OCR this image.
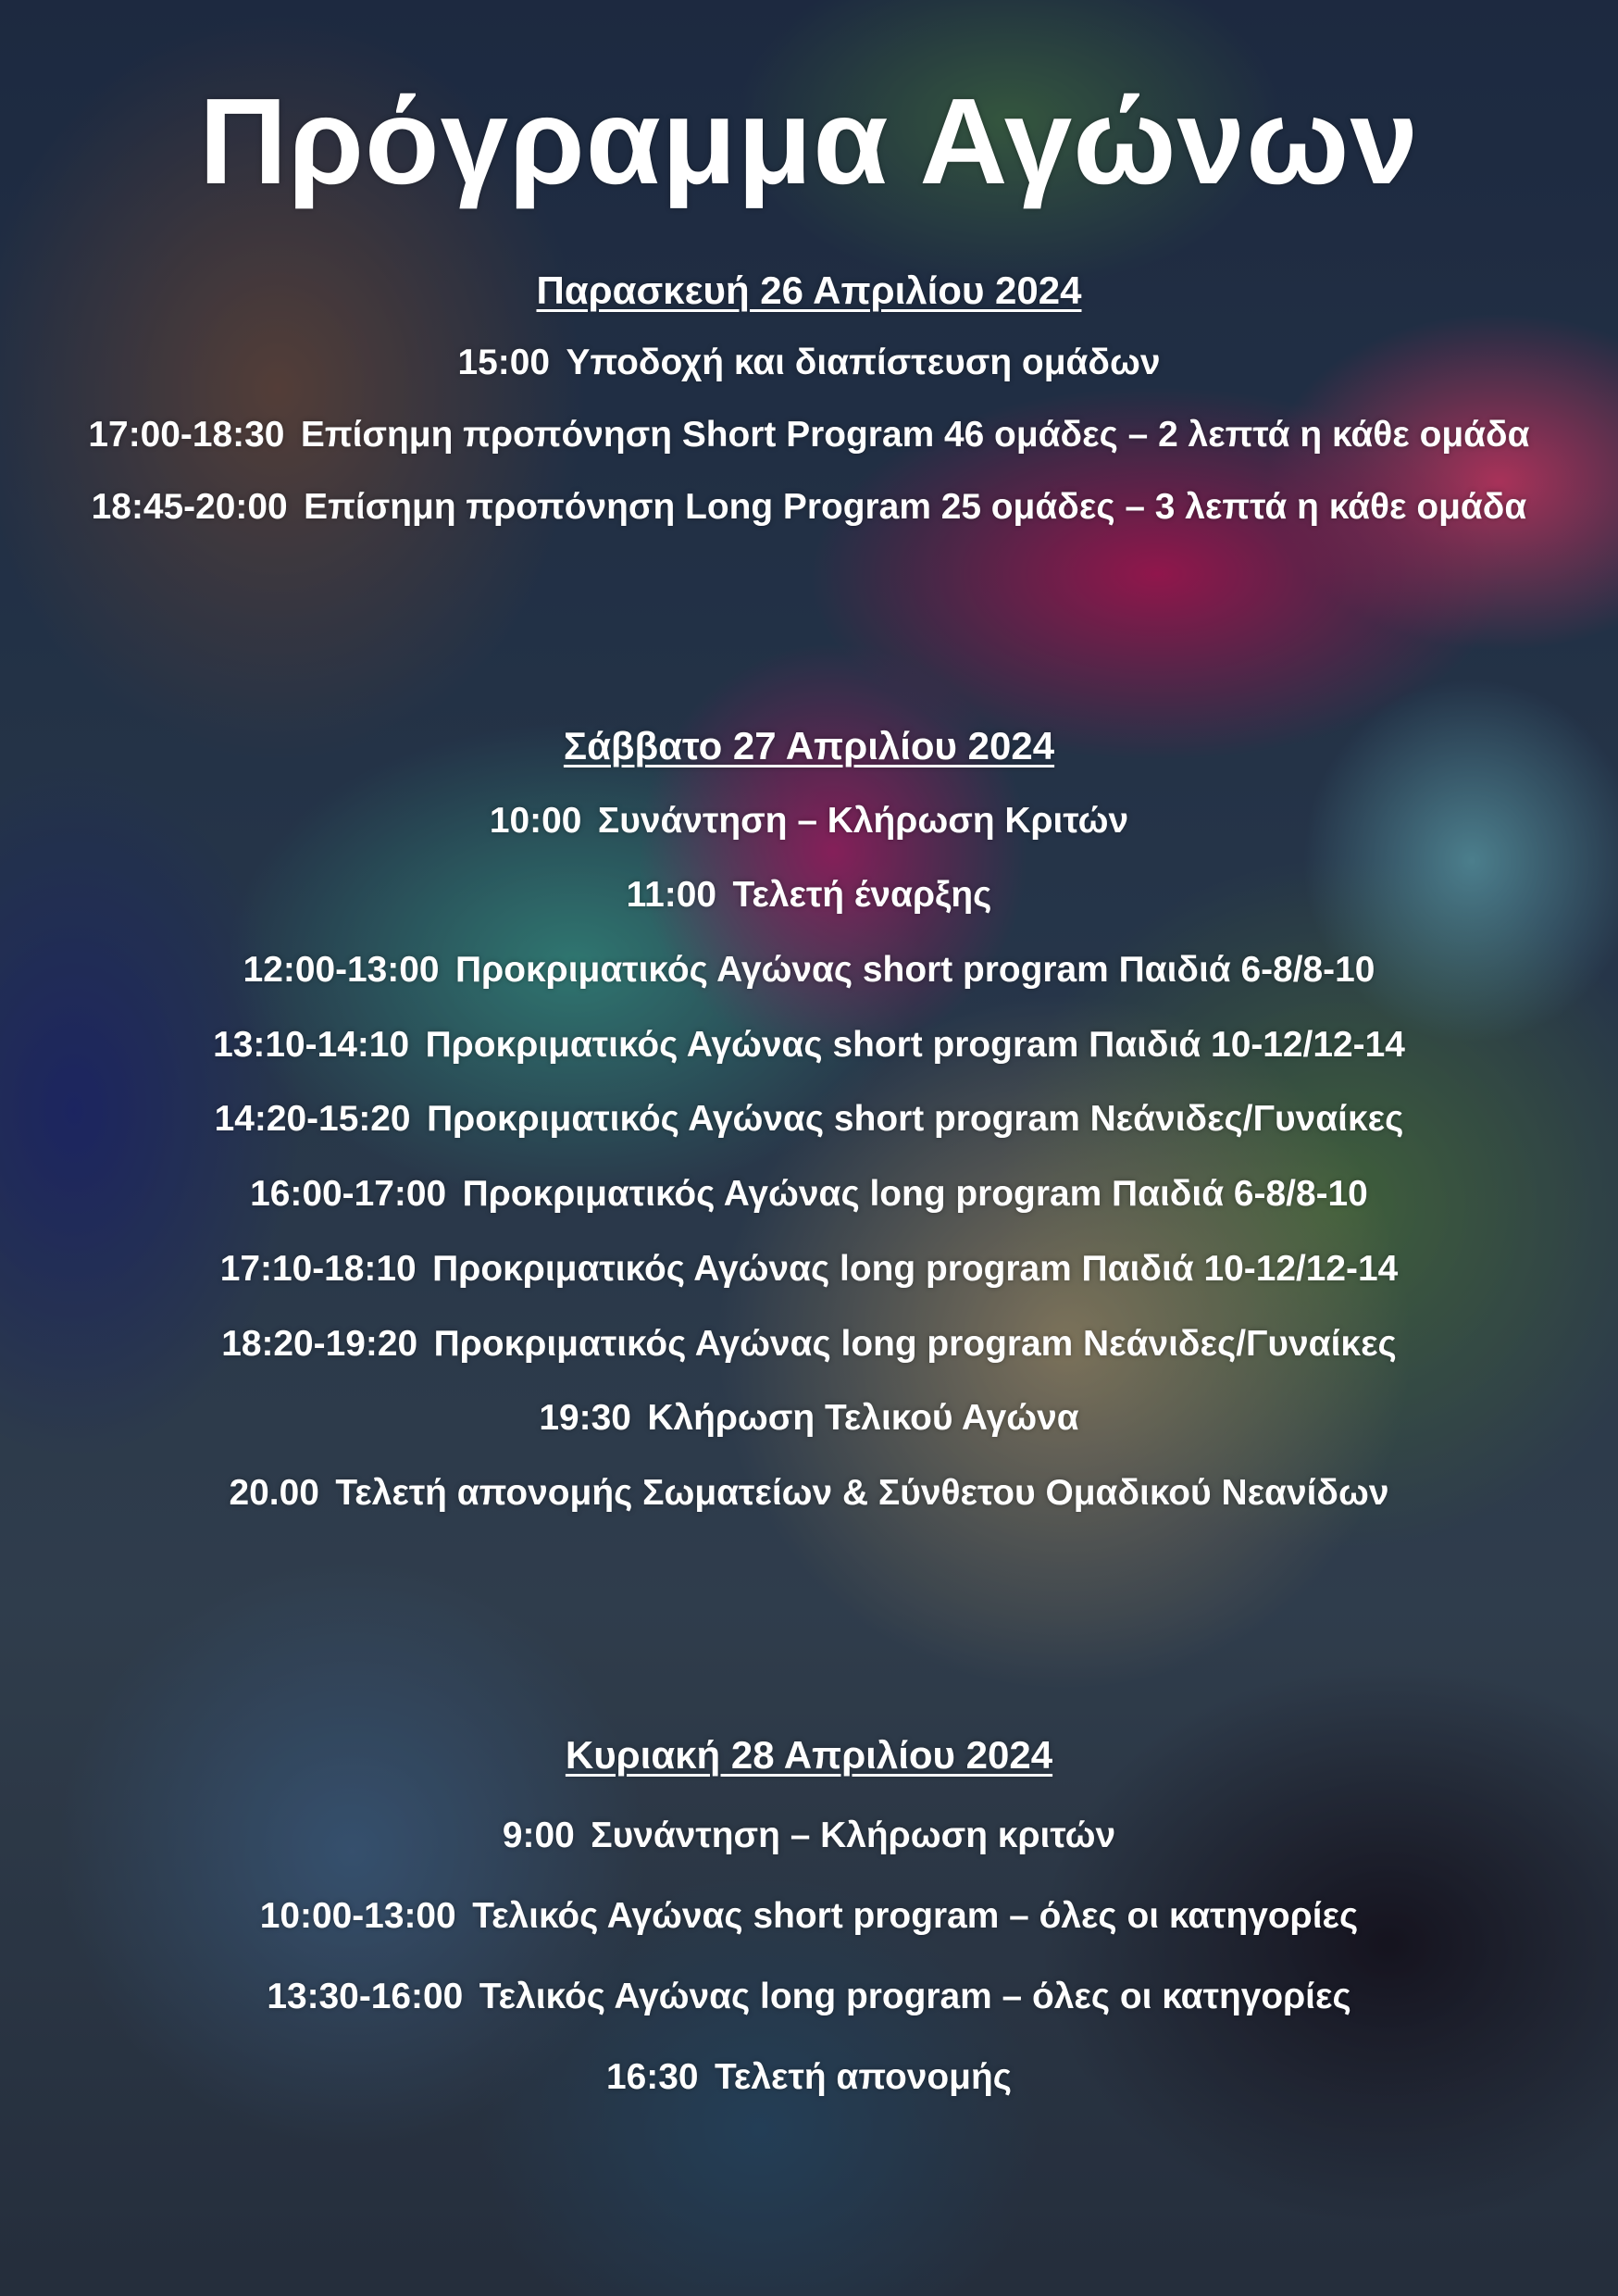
Πρόγραμμα Αγώνων
Παρασκευή 26 Απριλίου 2024
15:00 Υποδοχή και διαπίστευση ομάδων
17:00-18:30 Επίσημη προπόνηση Short Program 46 ομάδες – 2 λεπτά η κάθε ομάδα
18:45-20:00 Επίσημη προπόνηση Long Program 25 ομάδες – 3 λεπτά η κάθε ομάδα
Σάββατο 27 Απριλίου 2024
10:00 Συνάντηση – Κλήρωση Κριτών
11:00 Τελετή έναρξης
12:00-13:00 Προκριματικός Αγώνας short program Παιδιά 6-8/8-10
13:10-14:10 Προκριματικός Αγώνας short program Παιδιά 10-12/12-14
14:20-15:20 Προκριματικός Αγώνας short program Νεάνιδες/Γυναίκες
16:00-17:00 Προκριματικός Αγώνας long program Παιδιά 6-8/8-10
17:10-18:10 Προκριματικός Αγώνας long program Παιδιά 10-12/12-14
18:20-19:20 Προκριματικός Αγώνας long program Νεάνιδες/Γυναίκες
19:30 Κλήρωση Τελικού Αγώνα
20.00 Τελετή απονομής Σωματείων & Σύνθετου Ομαδικού Νεανίδων
Κυριακή 28 Απριλίου 2024
9:00 Συνάντηση – Κλήρωση κριτών
10:00-13:00 Τελικός Αγώνας short program – όλες οι κατηγορίες
13:30-16:00 Τελικός Αγώνας long program – όλες οι κατηγορίες
16:30 Τελετή απονομής
